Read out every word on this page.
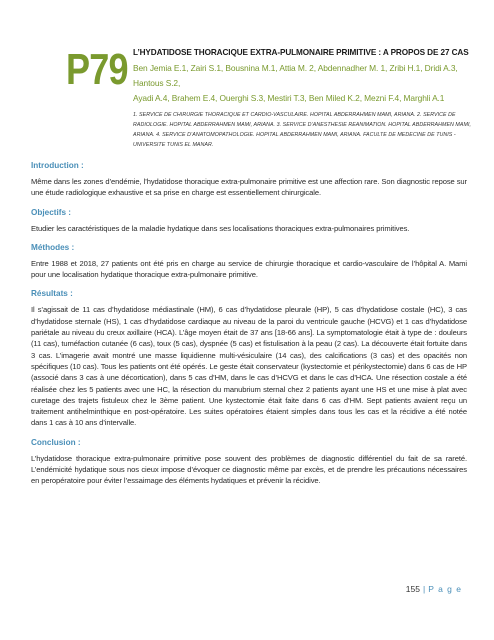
P79 L’HYDATIDOSE THORACIQUE EXTRA-PULMONAIRE PRIMITIVE : A PROPOS DE 27 CAS
Ben Jemia E.1, Zairi S.1, Bousnina M.1, Attia M. 2, Abdennadher M. 1, Zribi H.1, Dridi A.3, Hantous S.2,
Ayadi A.4, Brahem E.4, Ouerghi S.3, Mestiri T.3, Ben Miled K.2, Mezni F.4, Marghli A.1
1. SERVICE DE CHIRURGIE THORACIQUE ET CARDIO-VASCULAIRE. HOPITAL ABDERRAHMEN MAMI, ARIANA. 2. SERVICE DE RADIOLOGIE. HOPITAL ABDERRAHMEN MAMI, ARIANA. 3. SERVICE D’ANESTHESIE REANIMATION. HOPITAL ABDERRAHMEN MAMI, ARIANA. 4. SERVICE D’ANATOMOPATHOLOGIE. HOPITAL ABDERRAHMEN MAMI, ARIANA. FACULTE DE MEDECINE DE TUNIS - UNIVERSITE TUNIS EL MANAR.
Introduction :
Même dans les zones d’endémie, l’hydatidose thoracique extra-pulmonaire primitive est une affection rare. Son diagnostic repose sur une étude radiologique exhaustive et sa prise en charge est essentiellement chirurgicale.
Objectifs :
Etudier les caractéristiques de la maladie hydatique dans ses localisations thoraciques extra-pulmonaires primitives.
Méthodes :
Entre 1988 et 2018, 27 patients ont été pris en charge au service de chirurgie thoracique et cardio-vasculaire de l’hôpital A. Mami pour une localisation hydatique thoracique extra-pulmonaire primitive.
Résultats :
Il s’agissait de 11 cas d’hydatidose médiastinale (HM), 6 cas d’hydatidose pleurale (HP), 5 cas d’hydatidose costale (HC), 3 cas d’hydatidose sternale (HS), 1 cas d’hydatidose cardiaque au niveau de la paroi du ventricule gauche (HCVG) et 1 cas d’hydatidose pariétale au niveau du creux axillaire (HCA). L’âge moyen était de 37 ans [18-66 ans]. La symptomatologie était à type de : douleurs (11 cas), tuméfaction cutanée (6 cas), toux (5 cas), dyspnée (5 cas) et fistulisation à la peau (2 cas). La découverte était fortuite dans 3 cas. L’imagerie avait montré une masse liquidienne multi-vésiculaire (14 cas), des calcifications (3 cas) et des opacités non spécifiques (10 cas). Tous les patients ont été opérés. Le geste était conservateur (kystectomie et périkystectomie) dans 6 cas de HP (associé dans 3 cas à une décortication), dans 5 cas d’HM, dans le cas d’HCVG et dans le cas d’HCA. Une résection costale a été réalisée chez les 5 patients avec une HC, la résection du manubrium sternal chez 2 patients ayant une HS et une mise à plat avec curetage des trajets fistuleux chez le 3ème patient. Une kystectomie était faite dans 6 cas d’HM. Sept patients avaient reçu un traitement antihelminthique en post-opératoire. Les suites opératoires étaient simples dans tous les cas et la récidive a été notée dans 1 cas à 10 ans d’intervalle.
Conclusion :
L’hydatidose thoracique extra-pulmonaire primitive pose souvent des problèmes de diagnostic différentiel du fait de sa rareté. L’endémicité hydatique sous nos cieux impose d’évoquer ce diagnostic même par excès, et de prendre les précautions nécessaires en peropératoire pour éviter l’essaimage des éléments hydatiques et prévenir la récidive.
155 | P a g e
